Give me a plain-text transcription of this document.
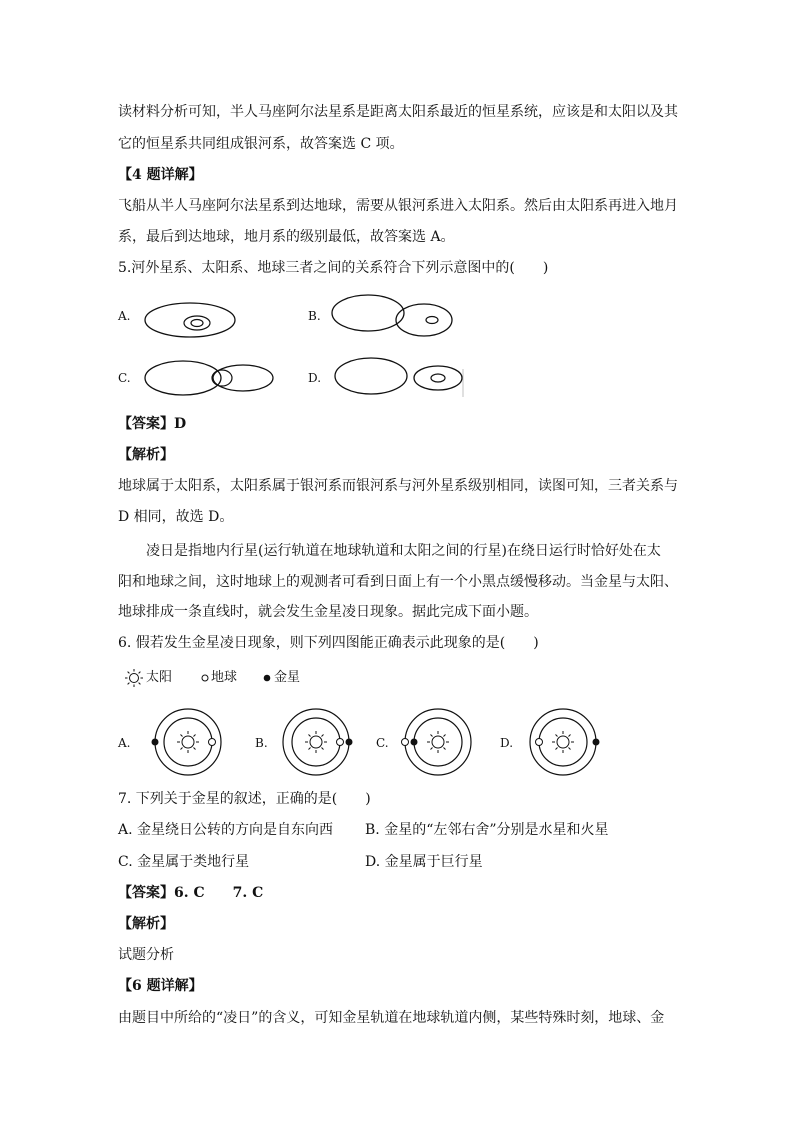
读材料分析可知，半人马座阿尔法星系是距离太阳系最近的恒星系统，应该是和太阳以及其
它的恒星系共同组成银河系，故答案选 C 项。
【4 题详解】
飞船从半人马座阿尔法星系到达地球，需要从银河系进入太阳系。然后由太阳系再进入地月
系，最后到达地球，地月系的级别最低，故答案选 A。
5.河外星系、太阳系、地球三者之间的关系符合下列示意图中的(　　)
A.	B.
C.	D.
【答案】D
【解析】
地球属于太阳系，太阳系属于银河系而银河系与河外星系级别相同，读图可知，三者关系与
D 相同，故选 D。
凌日是指地内行星(运行轨道在地球轨道和太阳之间的行星)在绕日运行时恰好处在太
阳和地球之间，这时地球上的观测者可看到日面上有一个小黑点缓慢移动。当金星与太阳、
地球排成一条直线时，就会发生金星凌日现象。据此完成下面小题。
6. 假若发生金星凌日现象，则下列四图能正确表示此现象的是(　　)
太阳	地球	金星
A.	B.	C.	D.
7. 下列关于金星的叙述，正确的是(　　)
A. 金星绕日公转的方向是自东向西 B. 金星的“左邻右舍”分别是水星和火星
C. 金星属于类地行星	D. 金星属于巨行星
【答案】6. C　　7. C
【解析】
试题分析
【6 题详解】
由题目中所给的“凌日”的含义，可知金星轨道在地球轨道内侧，某些特殊时刻，地球、金
